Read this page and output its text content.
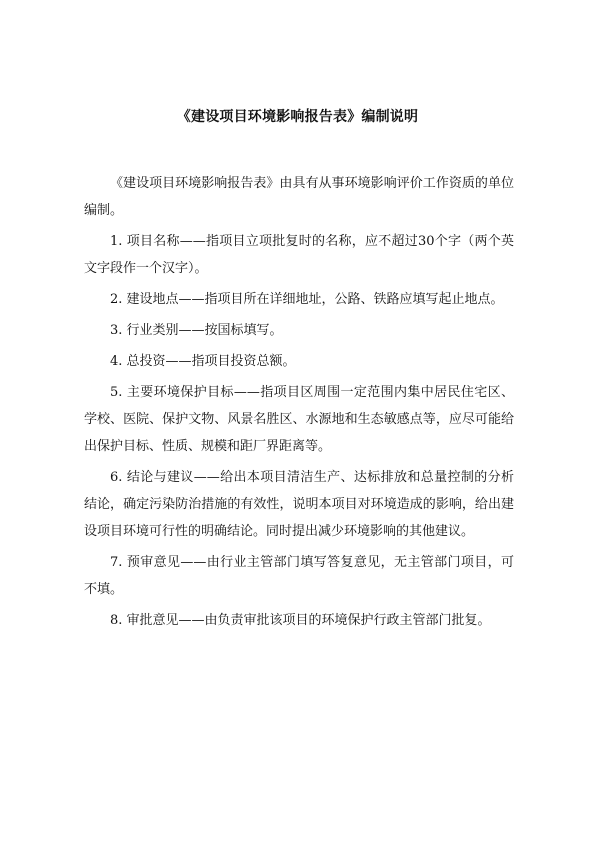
《建设项目环境影响报告表》编制说明

《建设项目环境影响报告表》由具有从事环境影响评价工作资质的单位编制。

1. 项目名称——指项目立项批复时的名称，应不超过30个字（两个英文字段作一个汉字）。

2. 建设地点——指项目所在详细地址，公路、铁路应填写起止地点。

3. 行业类别——按国标填写。

4. 总投资——指项目投资总额。

5. 主要环境保护目标——指项目区周围一定范围内集中居民住宅区、学校、医院、保护文物、风景名胜区、水源地和生态敏感点等，应尽可能给出保护目标、性质、规模和距厂界距离等。

6. 结论与建议——给出本项目清洁生产、达标排放和总量控制的分析结论，确定污染防治措施的有效性，说明本项目对环境造成的影响，给出建设项目环境可行性的明确结论。同时提出减少环境影响的其他建议。

7. 预审意见——由行业主管部门填写答复意见，无主管部门项目，可不填。

8. 审批意见——由负责审批该项目的环境保护行政主管部门批复。
